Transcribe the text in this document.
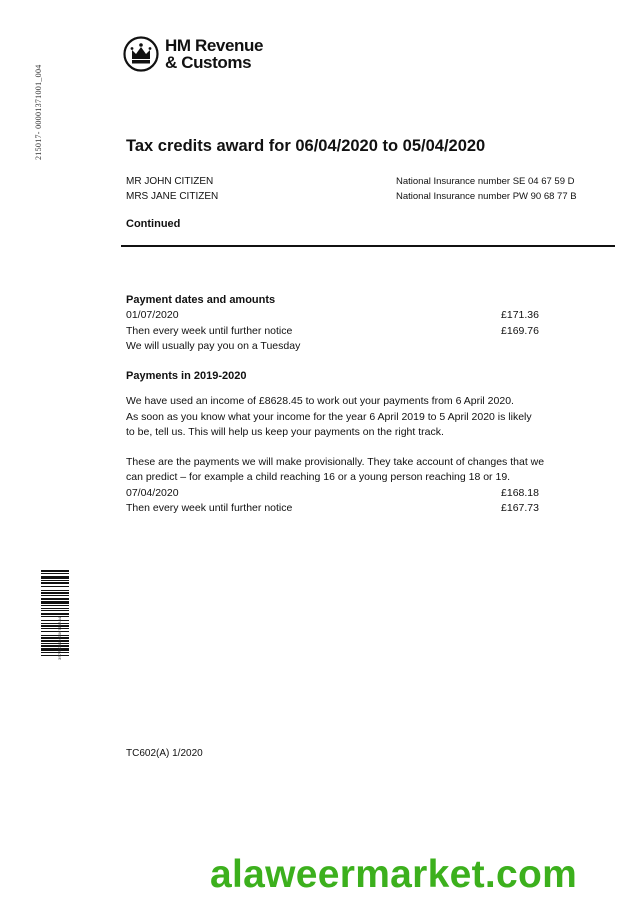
215017- 00001371001_004
HM Revenue
& Customs
Tax credits award for 06/04/2020 to 05/04/2020
MR JOHN CITIZEN
MRS JANE CITIZEN
National Insurance number SE 04 67 59 D
National Insurance number PW 90 68 77 B
Continued
Payment dates and amounts
01/07/2020	£171.36
Then every week until further notice	£169.76
We will usually pay you on a Tuesday
Payments in 2019-2020
We have used an income of £8628.45 to work out your payments from 6 April 2020.
As soon as you know what your income for the year 6 April 2019 to 5 April 2020 is likely
to be, tell us. This will help us keep your payments on the right track.
These are the payments we will make provisionally. They take account of changes that we
can predict – for example a child reaching 16 or a young person reaching 18 or 19.
07/04/2020	£168.18
Then every week until further notice	£167.73
3S77000010006710A04
TC602(A) 1/2020
alaweermarket.com
